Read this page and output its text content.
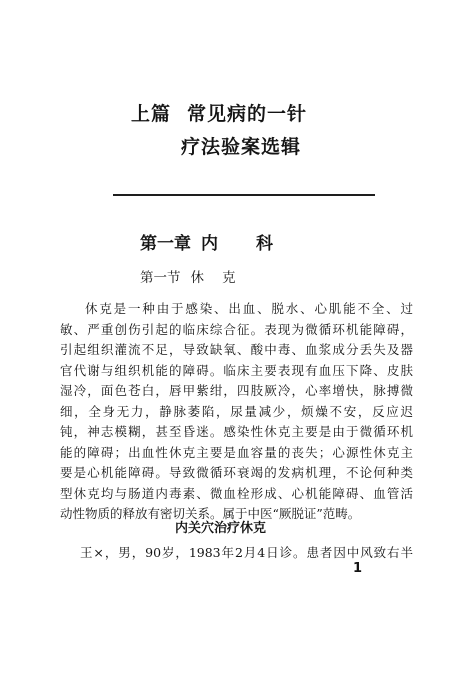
上篇 常见病的一针
疗法验案选辑
第一章 内 科
第一节 休 克
休克是一种由于感染、出血、脱水、心肌能不全、过
敏、严重创伤引起的临床综合征。表现为微循环机能障碍，
引起组织灌流不足，导致缺氧、酸中毒、血浆成分丢失及器
官代谢与组织机能的障碍。临床主要表现有血压下降、皮肤
湿冷，面色苍白，唇甲紫绀，四肢厥冷，心率增快，脉搏微
细，全身无力，静脉萎陷，尿量减少，烦燥不安，反应迟
钝，神志模糊，甚至昏迷。感染性休克主要是由于微循环机
能的障碍；出血性休克主要是血容量的丧失；心源性休克主
要是心机能障碍。导致微循环衰竭的发病机理，不论何种类
型休克均与肠道内毒素、微血栓形成、心机能障碍、血管活
动性物质的释放有密切关系。属于中医“厥脱证”范畴。
内关穴治疗休克
王×，男，90岁，1983年2月4日诊。患者因中风致右半
1
